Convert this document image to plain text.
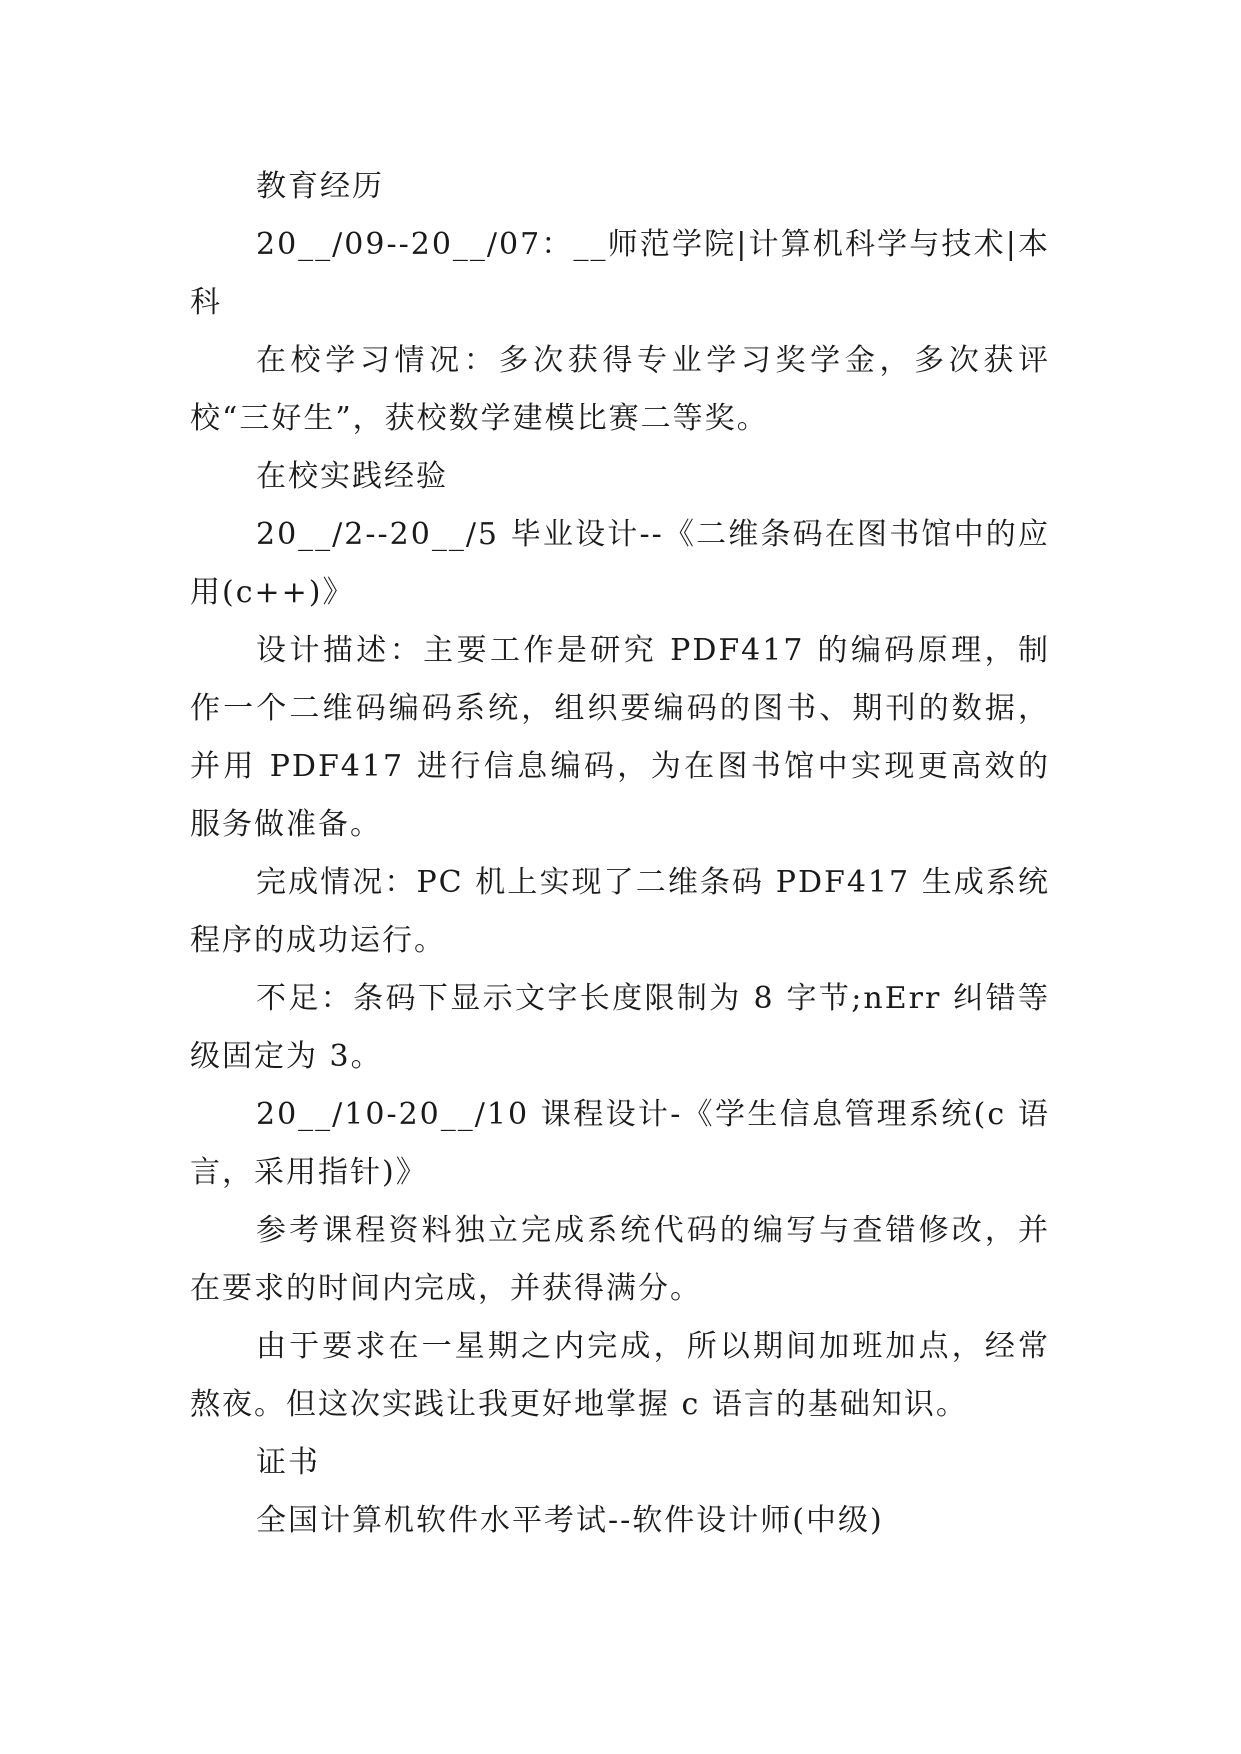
教育经历

20__/09--20__/07：__师范学院|计算机科学与技术|本科

在校学习情况：多次获得专业学习奖学金，多次获评校“三好生”，获校数学建模比赛二等奖。

在校实践经验

20__/2--20__/5 毕业设计--《二维条码在图书馆中的应用(c++)》

设计描述：主要工作是研究 PDF417 的编码原理，制作一个二维码编码系统，组织要编码的图书、期刊的数据，并用 PDF417 进行信息编码，为在图书馆中实现更高效的服务做准备。

完成情况：PC 机上实现了二维条码 PDF417 生成系统程序的成功运行。

不足：条码下显示文字长度限制为 8 字节;nErr 纠错等级固定为 3。

20__/10-20__/10 课程设计-《学生信息管理系统(c 语言，采用指针)》

参考课程资料独立完成系统代码的编写与查错修改，并在要求的时间内完成，并获得满分。

由于要求在一星期之内完成，所以期间加班加点，经常熬夜。但这次实践让我更好地掌握 c 语言的基础知识。

证书

全国计算机软件水平考试--软件设计师(中级)
